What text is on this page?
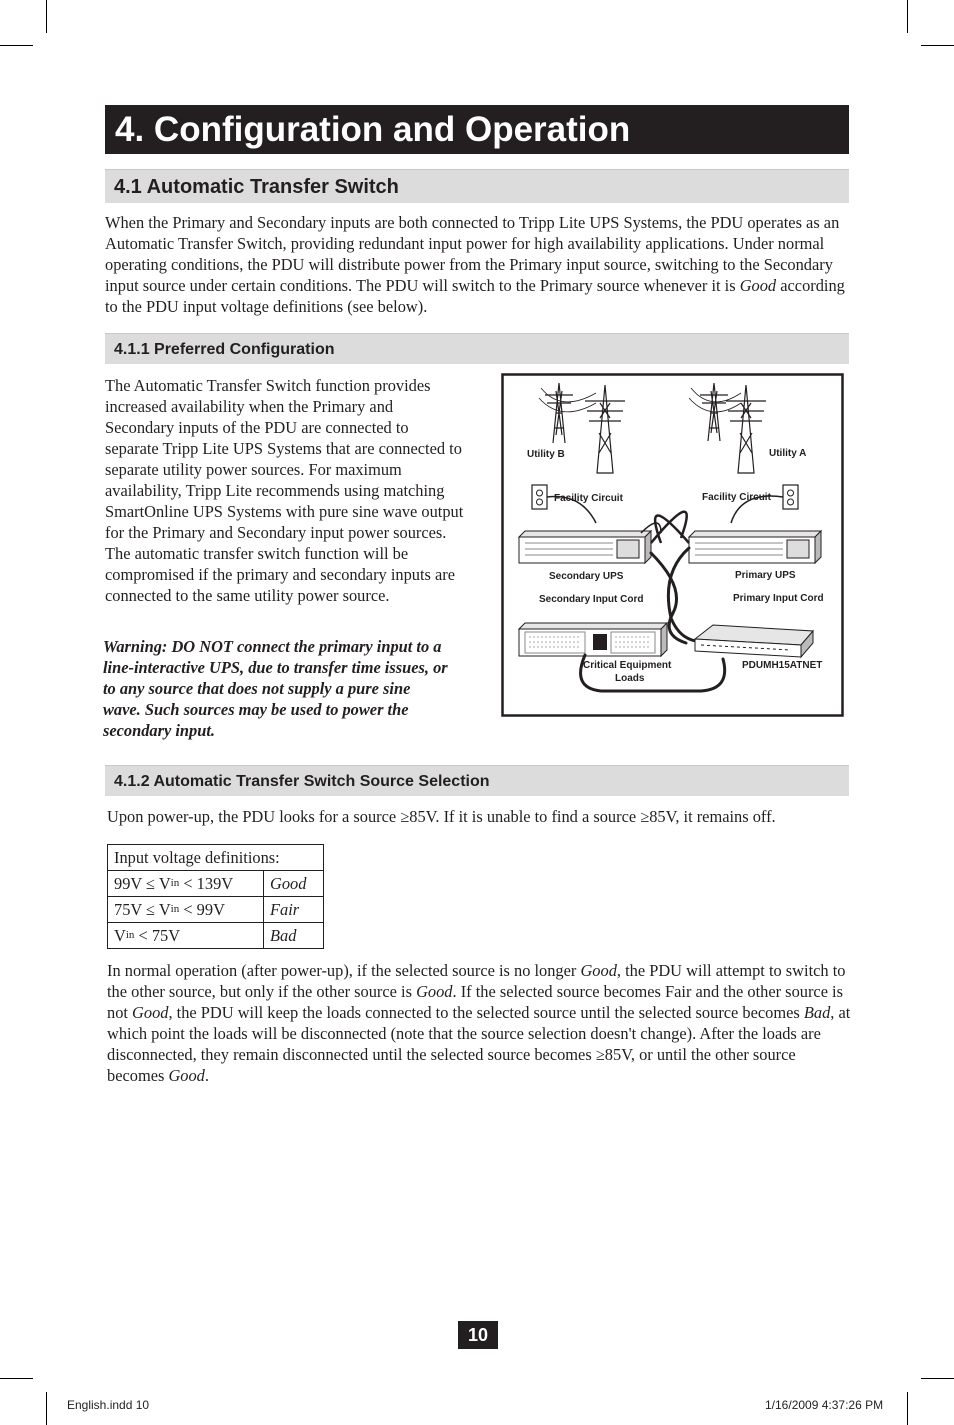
4. Configuration and Operation
4.1 Automatic Transfer Switch

When the Primary and Secondary inputs are both connected to Tripp Lite UPS Systems, the PDU operates as an Automatic Transfer Switch, providing redundant input power for high availability applications. Under normal operating conditions, the PDU will distribute power from the Primary input source, switching to the Secondary input source under certain conditions. The PDU will switch to the Primary source whenever it is Good according to the PDU input voltage definitions (see below).

4.1.1 Preferred Configuration

The Automatic Transfer Switch function provides increased availability when the Primary and Secondary inputs of the PDU are connected to separate Tripp Lite UPS Systems that are connected to separate utility power sources. For maximum availability, Tripp Lite recommends using matching SmartOnline UPS Systems with pure sine wave output for the Primary and Secondary input power sources. The automatic transfer switch function will be compromised if the primary and secondary inputs are connected to the same utility power source.

Warning: DO NOT connect the primary input to a line-interactive UPS, due to transfer time issues, or to any source that does not supply a pure sine wave. Such sources may be used to power the secondary input.

Utility B	Utility A
Facility Circuit	Facility Circuit
Secondary UPS	Primary UPS
Secondary Input Cord	Primary Input Cord
Critical Equipment
Loads
PDUMH15ATNET
4.1.2 Automatic Transfer Switch Source Selection

Upon power-up, the PDU looks for a source ≥85V. If it is unable to find a source ≥85V, it remains off.

Input voltage definitions:	
$99V \le V_{in} < 139V$	Good
$75V \le V_{in} < 99V$	Fair
$V_{in} < 75V$	Bad

In normal operation (after power-up), if the selected source is no longer Good, the PDU will attempt to switch to the other source, but only if the other source is Good. If the selected source becomes Fair and the other source is not Good, the PDU will keep the loads connected to the selected source until the selected source becomes Bad, at which point the loads will be disconnected (note that the source selection doesn't change). After the loads are disconnected, they remain disconnected until the selected source becomes ≥85V, or until the other source becomes Good.

10
English.indd 10	1/16/2009 4:37:26 PM
